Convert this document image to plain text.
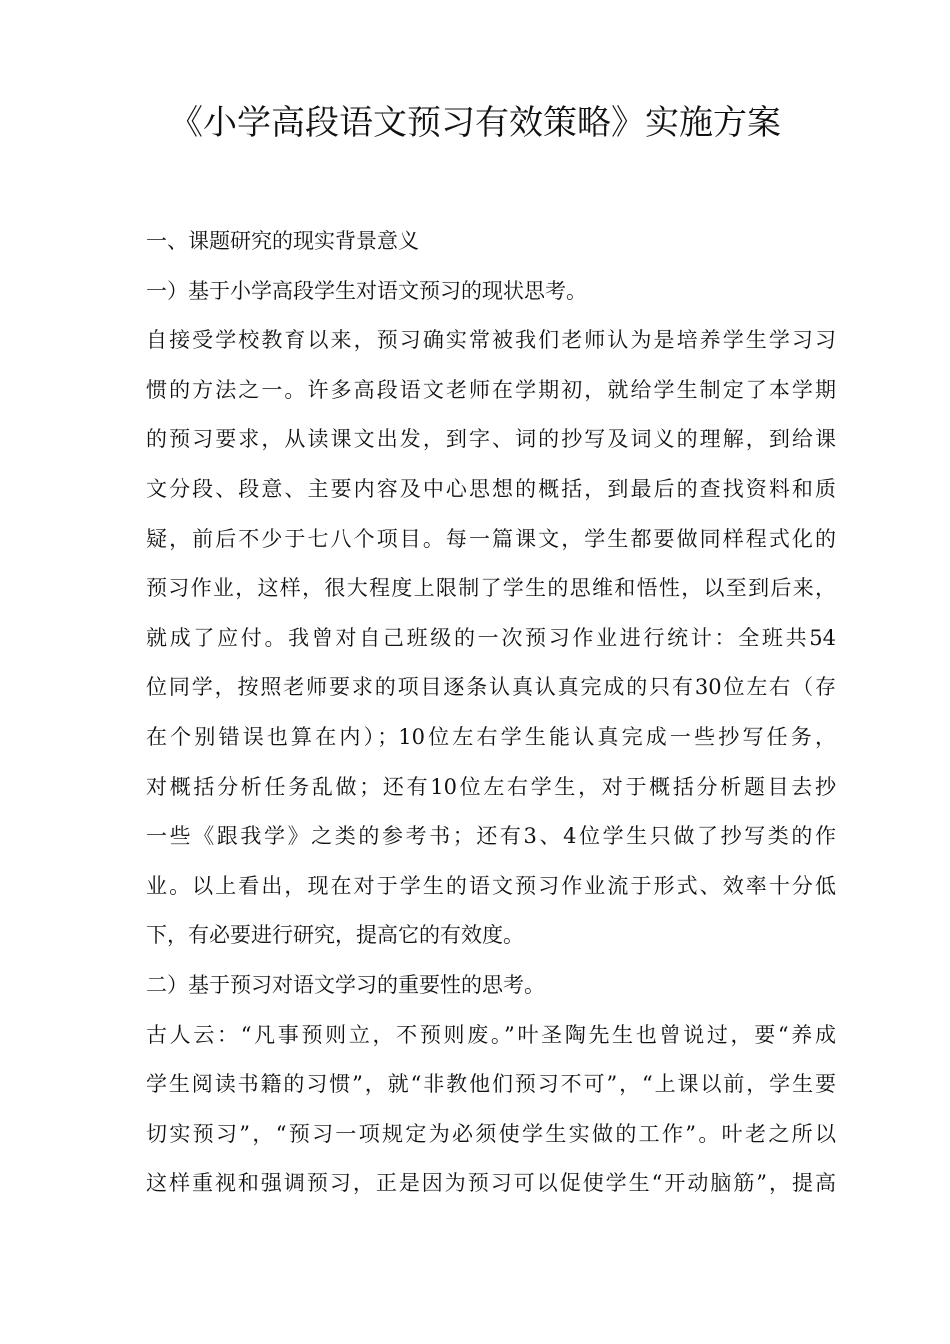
《小学高段语文预习有效策略》实施方案
一、课题研究的现实背景意义
一）基于小学高段学生对语文预习的现状思考。
自接受学校教育以来，预习确实常被我们老师认为是培养学生学习习
惯的方法之一。许多高段语文老师在学期初，就给学生制定了本学期
的预习要求，从读课文出发，到字、词的抄写及词义的理解，到给课
文分段、段意、主要内容及中心思想的概括，到最后的查找资料和质
疑，前后不少于七八个项目。每一篇课文，学生都要做同样程式化的
预习作业，这样，很大程度上限制了学生的思维和悟性，以至到后来，
就成了应付。我曾对自己班级的一次预习作业进行统计：全班共54
位同学，按照老师要求的项目逐条认真认真完成的只有30位左右（存
在个别错误也算在内）；10位左右学生能认真完成一些抄写任务，
对概括分析任务乱做；还有10位左右学生，对于概括分析题目去抄
一些《跟我学》之类的参考书；还有3、4位学生只做了抄写类的作
业。以上看出，现在对于学生的语文预习作业流于形式、效率十分低
下，有必要进行研究，提高它的有效度。
二）基于预习对语文学习的重要性的思考。
古人云：“凡事预则立，不预则废。”叶圣陶先生也曾说过，要“养成
学生阅读书籍的习惯”，就“非教他们预习不可”，“上课以前，学生要
切实预习”，“预习一项规定为必须使学生实做的工作”。叶老之所以
这样重视和强调预习，正是因为预习可以促使学生“开动脑筋”，提高
